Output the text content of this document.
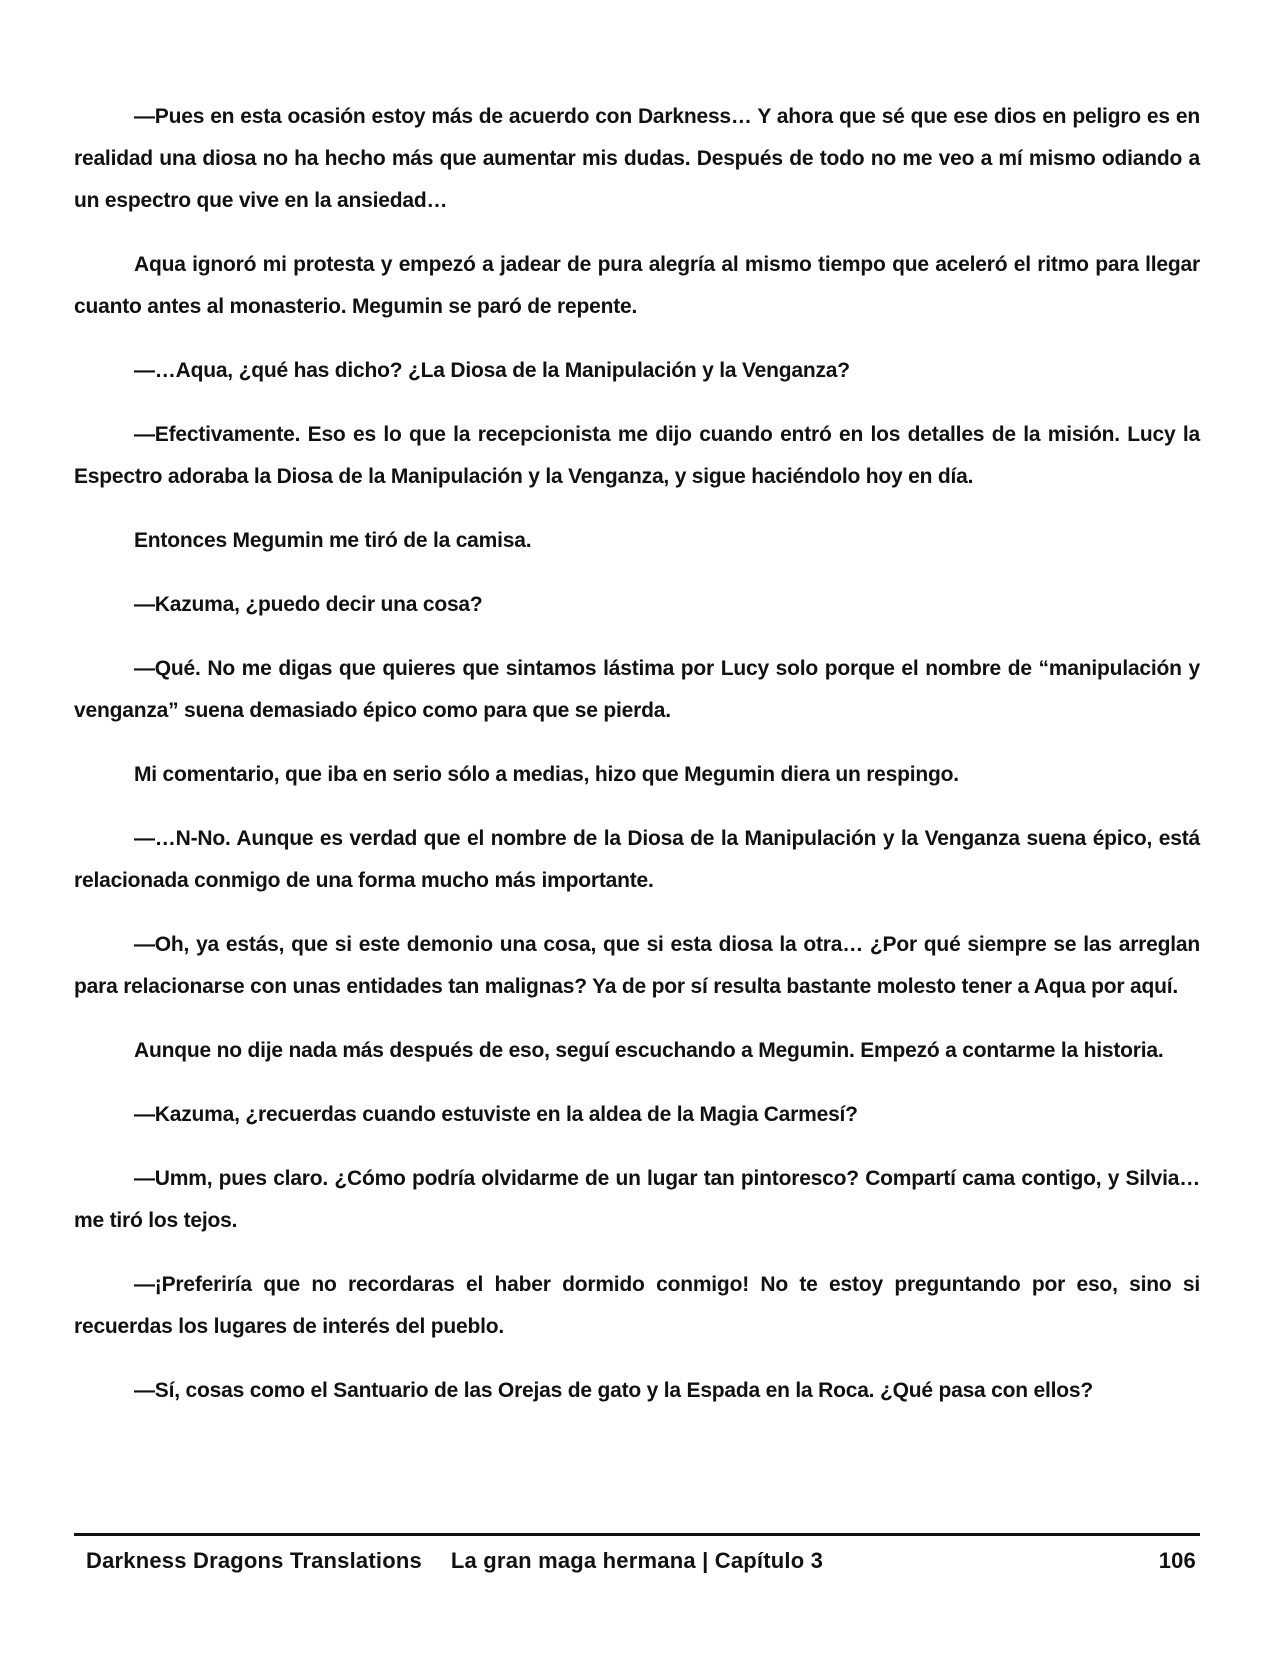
—Pues en esta ocasión estoy más de acuerdo con Darkness… Y ahora que sé que ese dios en peligro es en realidad una diosa no ha hecho más que aumentar mis dudas. Después de todo no me veo a mí mismo odiando a un espectro que vive en la ansiedad…

Aqua ignoró mi protesta y empezó a jadear de pura alegría al mismo tiempo que aceleró el ritmo para llegar cuanto antes al monasterio. Megumin se paró de repente.

—…Aqua, ¿qué has dicho? ¿La Diosa de la Manipulación y la Venganza?

—Efectivamente. Eso es lo que la recepcionista me dijo cuando entró en los detalles de la misión. Lucy la Espectro adoraba la Diosa de la Manipulación y la Venganza, y sigue haciéndolo hoy en día.

Entonces Megumin me tiró de la camisa.

—Kazuma, ¿puedo decir una cosa?

—Qué. No me digas que quieres que sintamos lástima por Lucy solo porque el nombre de “manipulación y venganza” suena demasiado épico como para que se pierda.

Mi comentario, que iba en serio sólo a medias, hizo que Megumin diera un respingo.

—…N-No. Aunque es verdad que el nombre de la Diosa de la Manipulación y la Venganza suena épico, está relacionada conmigo de una forma mucho más importante.

—Oh, ya estás, que si este demonio una cosa, que si esta diosa la otra… ¿Por qué siempre se las arreglan para relacionarse con unas entidades tan malignas? Ya de por sí resulta bastante molesto tener a Aqua por aquí.

Aunque no dije nada más después de eso, seguí escuchando a Megumin. Empezó a contarme la historia.

—Kazuma, ¿recuerdas cuando estuviste en la aldea de la Magia Carmesí?

—Umm, pues claro. ¿Cómo podría olvidarme de un lugar tan pintoresco? Compartí cama contigo, y Silvia… me tiró los tejos.

—¡Preferiría que no recordaras el haber dormido conmigo! No te estoy preguntando por eso, sino si recuerdas los lugares de interés del pueblo.

—Sí, cosas como el Santuario de las Orejas de gato y la Espada en la Roca. ¿Qué pasa con ellos?

Darkness Dragons Translations	La gran maga hermana | Capítulo 3	106
